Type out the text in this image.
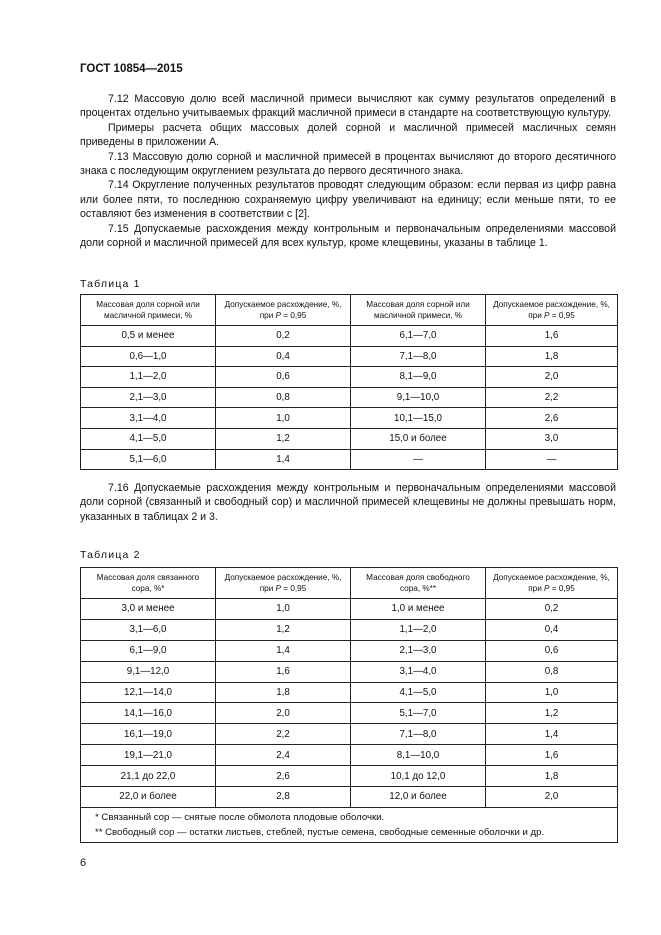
ГОСТ 10854—2015

7.12 Массовую долю всей масличной примеси вычисляют как сумму результатов определений в процентах отдельно учитываемых фракций масличной примеси в стандарте на соответствующую культуру.

Примеры расчета общих массовых долей сорной и масличной примесей масличных семян приведены в приложении А.

7.13 Массовую долю сорной и масличной примесей в процентах вычисляют до второго десятичного знака с последующим округлением результата до первого десятичного знака.

7.14 Округление полученных результатов проводят следующим образом: если первая из цифр равна или более пяти, то последнюю сохраняемую цифру увеличивают на единицу; если меньше пяти, то ее оставляют без изменения в соответствии с [2].

7.15 Допускаемые расхождения между контрольным и первоначальным определениями массовой доли сорной и масличной примесей для всех культур, кроме клещевины, указаны в таблице 1.

Таблица 1
Массовая доля сорной или масличной примеси, %	Допускаемое расхождение, %, при P = 0,95	Массовая доля сорной или масличной примеси, %	Допускаемое расхождение, %, при P = 0,95
0,5 и менее	0,2	6,1—7,0	1,6
0,6—1,0	0,4	7,1—8,0	1,8
1,1—2,0	0,6	8,1—9,0	2,0
2,1—3,0	0,8	9,1—10,0	2,2
3,1—4,0	1,0	10,1—15,0	2,6
4,1—5,0	1,2	15,0 и более	3,0
5,1—6,0	1,4	—	—

7.16 Допускаемые расхождения между контрольным и первоначальным определениями массовой доли сорной (связанный и свободный сор) и масличной примесей клещевины не должны превышать норм, указанных в таблицах 2 и 3.

Таблица 2
Массовая доля связанного сора, %*	Допускаемое расхождение, %, при P = 0,95	Массовая доля свободного сора, %**	Допускаемое расхождение, %, при P = 0,95
3,0 и менее	1,0	1,0 и менее	0,2
3,1—6,0	1,2	1,1—2,0	0,4
6,1—9,0	1,4	2,1—3,0	0,6
9,1—12,0	1,6	3,1—4,0	0,8
12,1—14,0	1,8	4,1—5,0	1,0
14,1—16,0	2,0	5,1—7,0	1,2
16,1—19,0	2,2	7,1—8,0	1,4
19,1—21,0	2,4	8,1—10,0	1,6
21,1 до 22,0	2,6	10,1 до 12,0	1,8
22,0 и более	2,8	12,0 и более	2,0

* Связанный сор — снятые после обмолота плодовые оболочки.
** Свободный сор — остатки листьев, стеблей, пустые семена, свободные семенные оболочки и др.			
6
